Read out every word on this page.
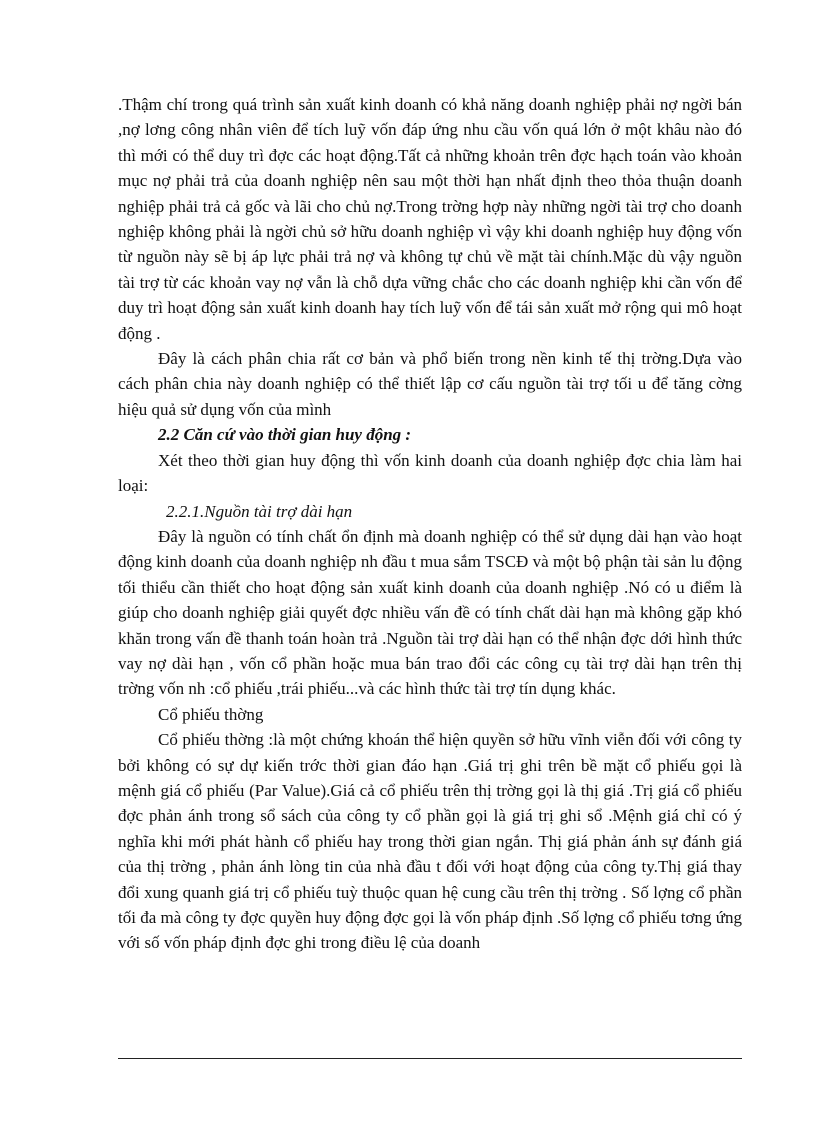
.Thậm chí trong quá trình sản xuất kinh doanh có khả năng doanh nghiệp phải nợ ngời bán ,nợ lơng công nhân viên để tích luỹ vốn đáp ứng nhu cầu vốn quá lớn ở một khâu nào đó thì mới có thể duy trì đợc các hoạt động.Tất cả những khoản trên đợc hạch toán vào khoản mục nợ phải trả của doanh nghiệp nên sau một thời hạn nhất định theo thỏa thuận doanh nghiệp phải trả cả gốc và lãi cho chủ nợ.Trong trờng hợp này những ngời tài trợ cho doanh nghiệp không phải là ngời chủ sở hữu doanh nghiệp vì vậy khi doanh nghiệp huy động vốn từ nguồn này sẽ bị áp lực phải trả nợ và không tự chủ về mặt tài chính.Mặc dù vậy nguồn tài trợ từ các khoản vay nợ vẫn là chỗ dựa vững chắc cho các doanh nghiệp khi cần vốn để duy trì hoạt động sản xuất kinh doanh hay tích luỹ vốn để tái sản xuất mở rộng qui mô hoạt động .

Đây là cách phân chia rất cơ bản và phổ biến trong nền kinh tế thị trờng.Dựa vào cách phân chia này doanh nghiệp có thể thiết lập cơ cấu nguồn tài trợ tối u để tăng cờng hiệu quả sử dụng vốn của mình

2.2 Căn cứ vào thời gian huy động :

Xét theo thời gian huy động thì vốn kinh doanh của doanh nghiệp đợc chia làm hai loại:

2.2.1.Nguồn tài trợ dài hạn

Đây là nguồn có tính chất ổn định mà doanh nghiệp có thể sử dụng dài hạn vào hoạt động kinh doanh của doanh nghiệp nh đầu t mua sắm TSCĐ và một bộ phận tài sản lu động tối thiểu cần thiết cho hoạt động sản xuất kinh doanh của doanh nghiệp .Nó có u điểm là giúp cho doanh nghiệp giải quyết đợc nhiều vấn đề có tính chất dài hạn mà không gặp khó khăn trong vấn đề thanh toán hoàn trả .Nguồn tài trợ dài hạn có thể nhận đợc dới hình thức vay nợ dài hạn , vốn cổ phần hoặc mua bán trao đổi các công cụ tài trợ dài hạn trên thị trờng vốn nh :cổ phiếu ,trái phiếu...và các hình thức tài trợ tín dụng khác.

Cổ phiếu thờng

Cổ phiếu thờng :là một chứng khoán thể hiện quyền sở hữu vĩnh viễn đối với công ty bởi không có sự dự kiến trớc thời gian đáo hạn .Giá trị ghi trên bề mặt cổ phiếu gọi là mệnh giá cổ phiếu (Par Value).Giá cả cổ phiếu trên thị trờng gọi là thị giá .Trị giá cổ phiếu đợc phản ánh trong sổ sách của công ty cổ phần gọi là giá trị ghi sổ .Mệnh giá chỉ có ý nghĩa khi mới phát hành cổ phiếu hay trong thời gian ngắn. Thị giá phản ánh sự đánh giá của thị trờng , phản ánh lòng tin của nhà đầu t đối với hoạt động của công ty.Thị giá thay đổi xung quanh giá trị cổ phiếu tuỳ thuộc quan hệ cung cầu trên thị trờng . Số lợng cổ phần tối đa mà công ty đợc quyền huy động đợc gọi là vốn pháp định .Số lợng cổ phiếu tơng ứng với số vốn pháp định đợc ghi trong điều lệ của doanh
